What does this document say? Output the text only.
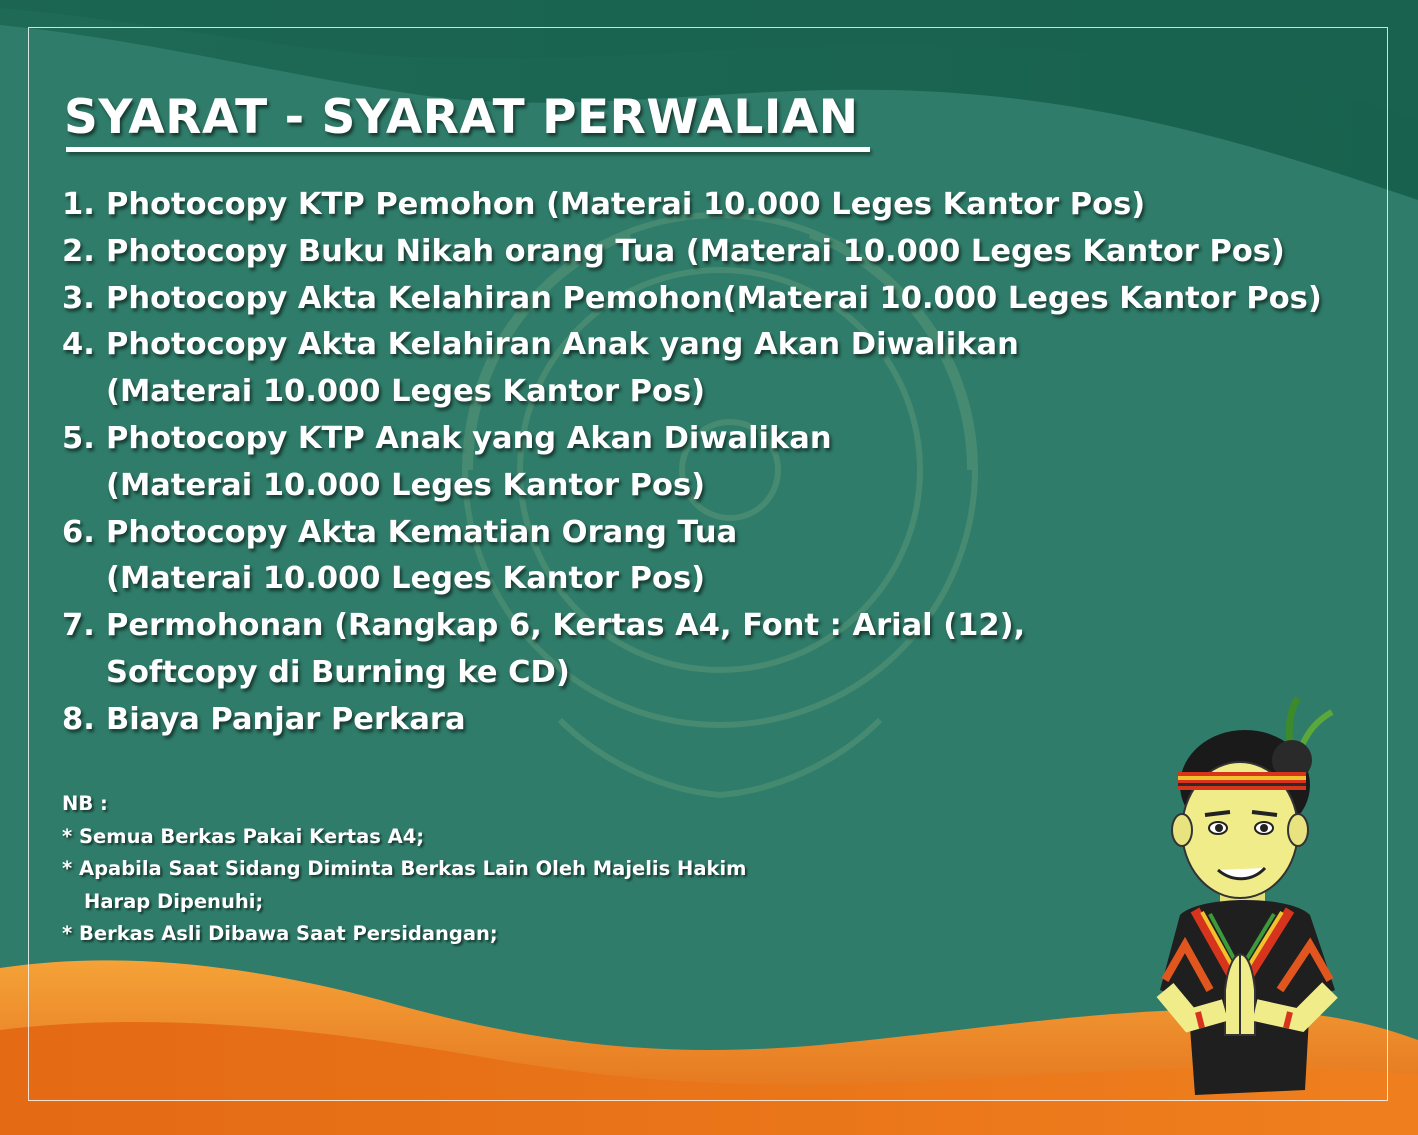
SYARAT - SYARAT PERWALIAN
1. Photocopy KTP Pemohon (Materai 10.000 Leges Kantor Pos)
2. Photocopy Buku Nikah orang Tua (Materai 10.000 Leges Kantor Pos)
3. Photocopy Akta Kelahiran Pemohon(Materai 10.000 Leges Kantor Pos)
4. Photocopy Akta Kelahiran Anak yang Akan Diwalikan
(Materai 10.000 Leges Kantor Pos)
5. Photocopy KTP Anak yang Akan Diwalikan
(Materai 10.000 Leges Kantor Pos)
6. Photocopy Akta Kematian Orang Tua
(Materai 10.000 Leges Kantor Pos)
7. Permohonan (Rangkap 6, Kertas A4, Font : Arial (12),
Softcopy di Burning ke CD)
8. Biaya Panjar Perkara
NB :
* Semua Berkas Pakai Kertas A4;
* Apabila Saat Sidang Diminta Berkas Lain Oleh Majelis Hakim
Harap Dipenuhi;
* Berkas Asli Dibawa Saat Persidangan;
